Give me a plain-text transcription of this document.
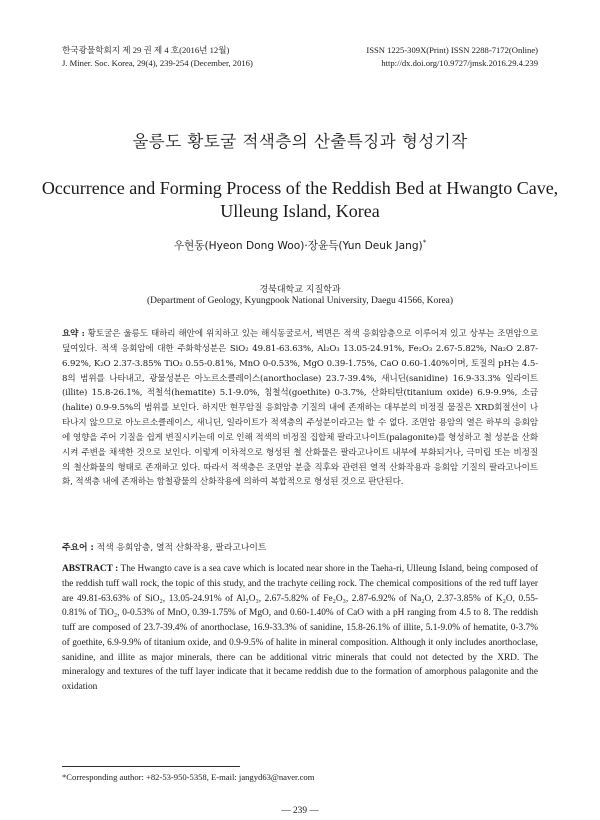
한국광물학회지 제 29 권 제 4 호(2016년 12월)
J. Miner. Soc. Korea, 29(4), 239-254 (December, 2016)
ISSN 1225-309X(Print) ISSN 2288-7172(Online)
http://dx.doi.org/10.9727/jmsk.2016.29.4.239
울릉도 황토굴 적색층의 산출특징과 형성기작
Occurrence and Forming Process of the Reddish Bed at Hwangto Cave,
Ulleung Island, Korea
우현동(Hyeon Dong Woo)·장윤득(Yun Deuk Jang)*
경북대학교 지질학과
(Department of Geology, Kyungpook National University, Daegu 41566, Korea)

요약 : 황토굴은 울릉도 태하리 해안에 위치하고 있는 해식동굴로서, 벽면은 적색 응회암층으로 이루어져 있고 상부는 조면암으로 덮여있다. 적색 응회암에 대한 주화학성분은 SiO₂ 49.81-63.63%, Al₂O₃ 13.05-24.91%, Fe₂O₃ 2.67-5.82%, Na₂O 2.87-6.92%, K₂O 2.37-3.85% TiO₂ 0.55-0.81%, MnO 0-0.53%, MgO 0.39-1.75%, CaO 0.60-1.40%이며, 토질의 pH는 4.5-8의 범위를 나타내고, 광물성분은 아노르소클레이스(anorthoclase) 23.7-39.4%, 새니딘(sanidine) 16.9-33.3% 일라이트(illite) 15.8-26.1%, 적철석(hematite) 5.1-9.0%, 침철석(goethite) 0-3.7%, 산화티탄(titanium oxide) 6.9-9.9%, 소금(halite) 0.9-9.5%의 범위를 보인다. 하지만 현무암질 응회암층 기질의 내에 존재하는 대부분의 비정질 물질은 XRD회절선이 나타나지 않으므로 아노르소클레이스, 새니딘, 일라이트가 적색층의 주성분이라고는 할 수 없다. 조면암 용암의 열은 하부의 응회암에 영향을 주어 기질을 쉽게 변질시키는데 이로 인해 적색의 비정질 집합체 팔라고나이트(palagonite)를 형성하고 철 성분을 산화시켜 주변을 채색한 것으로 보인다. 이렇게 이차적으로 형성된 철 산화물은 팔라고나이트 내부에 부화되거나, 극미립 또는 비정질의 철산화물의 형태로 존재하고 있다. 따라서 적색층은 조면암 분출 직후와 관련된 열적 산화작용과 응회암 기질의 팔라고나이트화, 적색층 내에 존재하는 함철광물의 산화작용에 의하여 복합적으로 형성된 것으로 판단된다.

주요어 : 적색 응회암층, 열적 산화작용, 팔라고나이트

ABSTRACT : The Hwangto cave is a sea cave which is located near shore in the Taeha-ri, Ulleung Island, being composed of the reddish tuff wall rock, the topic of this study, and the trachyte ceiling rock. The chemical compositions of the red tuff layer are 49.81-63.63% of SiO₂, 13.05-24.91% of Al₂O₃, 2.67-5.82% of Fe₂O₃, 2.87-6.92% of Na₂O, 2.37-3.85% of K₂O, 0.55-0.81% of TiO₂, 0-0.53% of MnO, 0.39-1.75% of MgO, and 0.60-1.40% of CaO with a pH ranging from 4.5 to 8. The reddish tuff are composed of 23.7-39.4% of anorthoclase, 16.9-33.3% of sanidine, 15.8-26.1% of illite, 5.1-9.0% of hematite, 0-3.7% of goethite, 6.9-9.9% of titanium oxide, and 0.9-9.5% of halite in mineral composition. Although it only includes anorthoclase, sanidine, and illite as major minerals, there can be additional vitric minerals that could not detected by the XRD. The mineralogy and textures of the tuff layer indicate that it became reddish due to the formation of amorphous palagonite and the oxidation

*Corresponding author: +82-53-950-5358, E-mail: jangyd63@naver.com
— 239 —
